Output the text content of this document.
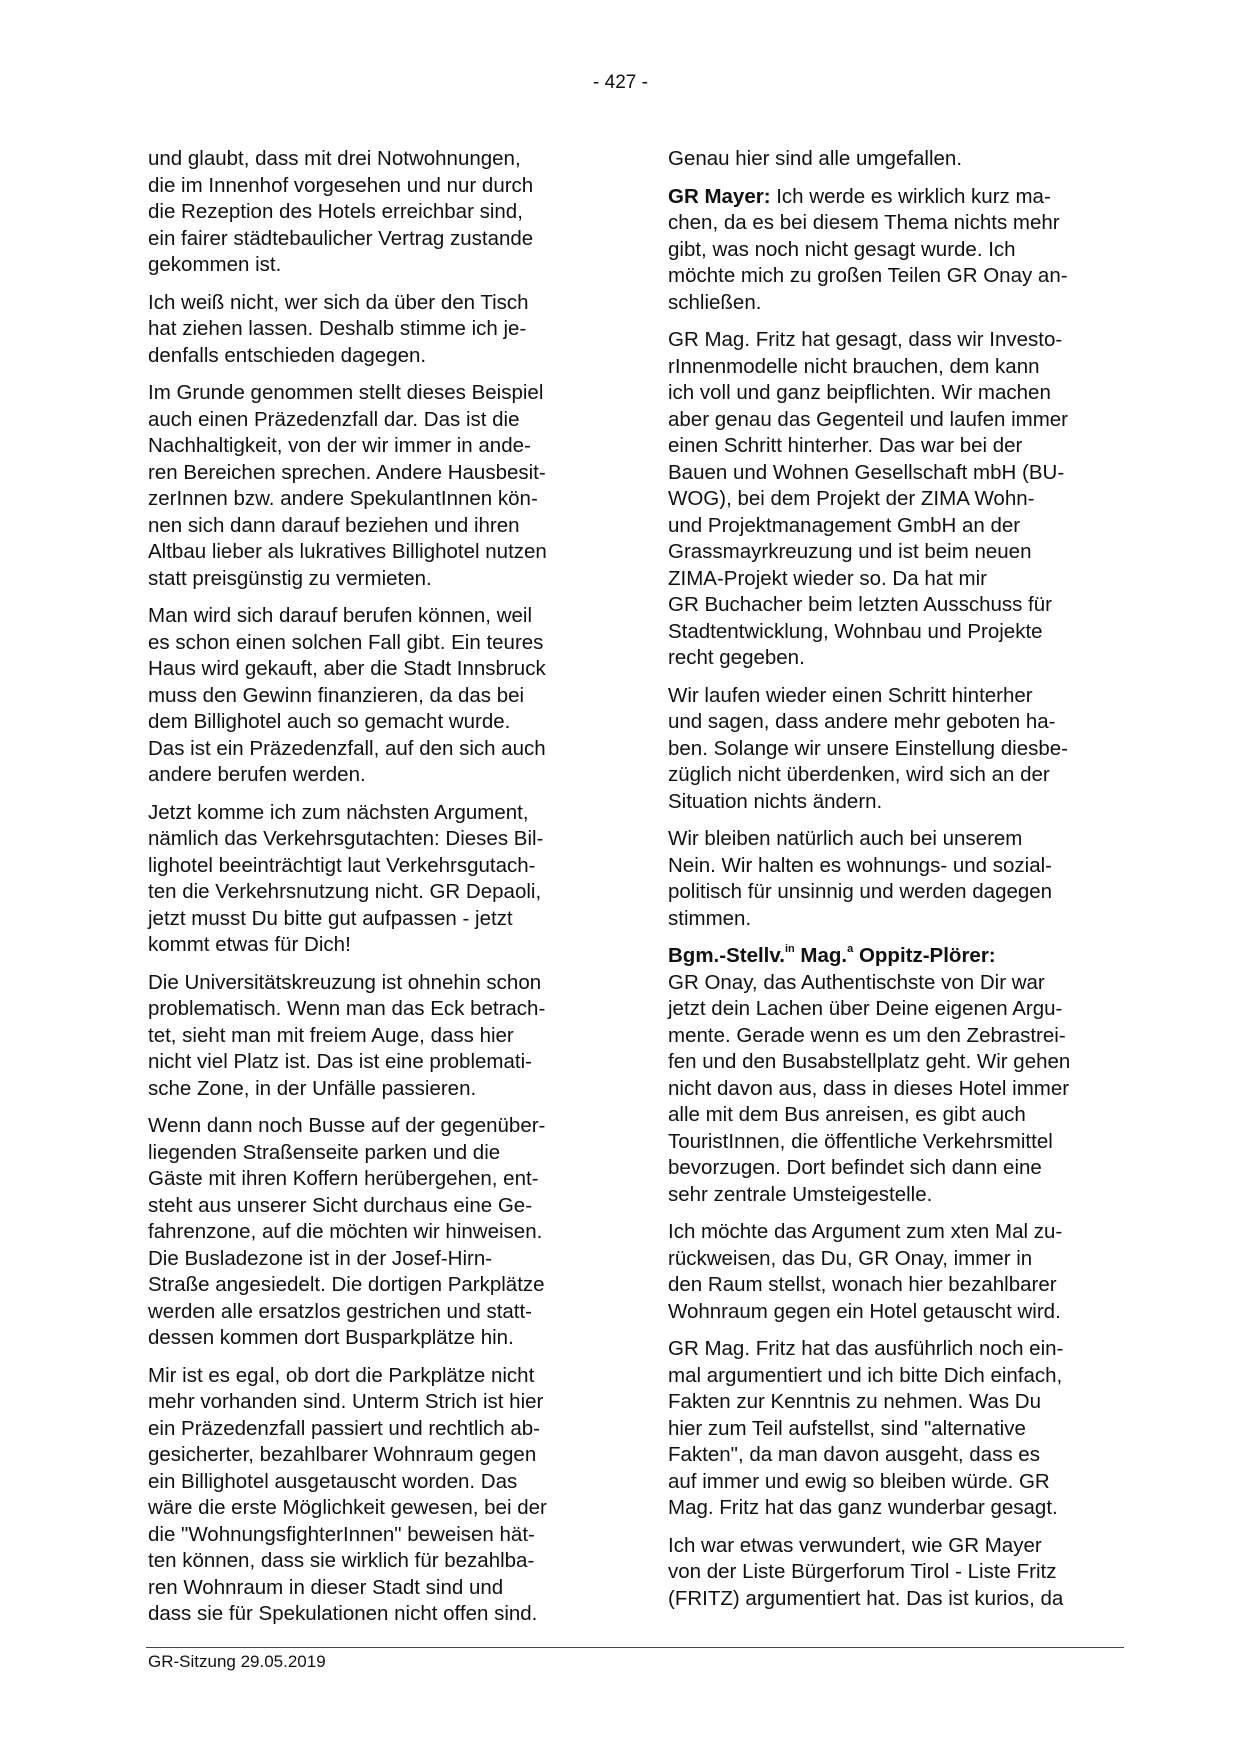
- 427 -

und glaubt, dass mit drei Notwohnungen,
die im Innenhof vorgesehen und nur durch
die Rezeption des Hotels erreichbar sind,
ein fairer städtebaulicher Vertrag zustande
gekommen ist.

Ich weiß nicht, wer sich da über den Tisch
hat ziehen lassen. Deshalb stimme ich je-
denfalls entschieden dagegen.

Im Grunde genommen stellt dieses Beispiel
auch einen Präzedenzfall dar. Das ist die
Nachhaltigkeit, von der wir immer in ande-
ren Bereichen sprechen. Andere Hausbesit-
zerInnen bzw. andere SpekulantInnen kön-
nen sich dann darauf beziehen und ihren
Altbau lieber als lukratives Billighotel nutzen
statt preisgünstig zu vermieten.

Man wird sich darauf berufen können, weil
es schon einen solchen Fall gibt. Ein teures
Haus wird gekauft, aber die Stadt Innsbruck
muss den Gewinn finanzieren, da das bei
dem Billighotel auch so gemacht wurde.
Das ist ein Präzedenzfall, auf den sich auch
andere berufen werden.

Jetzt komme ich zum nächsten Argument,
nämlich das Verkehrsgutachten: Dieses Bil-
lighotel beeinträchtigt laut Verkehrsgutach-
ten die Verkehrsnutzung nicht. GR Depaoli,
jetzt musst Du bitte gut aufpassen - jetzt
kommt etwas für Dich!

Die Universitätskreuzung ist ohnehin schon
problematisch. Wenn man das Eck betrach-
tet, sieht man mit freiem Auge, dass hier
nicht viel Platz ist. Das ist eine problemati-
sche Zone, in der Unfälle passieren.

Wenn dann noch Busse auf der gegenüber-
liegenden Straßenseite parken und die
Gäste mit ihren Koffern herübergehen, ent-
steht aus unserer Sicht durchaus eine Ge-
fahrenzone, auf die möchten wir hinweisen.
Die Busladezone ist in der Josef-Hirn-
Straße angesiedelt. Die dortigen Parkplätze
werden alle ersatzlos gestrichen und statt-
dessen kommen dort Busparkplätze hin.

Mir ist es egal, ob dort die Parkplätze nicht
mehr vorhanden sind. Unterm Strich ist hier
ein Präzedenzfall passiert und rechtlich ab-
gesicherter, bezahlbarer Wohnraum gegen
ein Billighotel ausgetauscht worden. Das
wäre die erste Möglichkeit gewesen, bei der
die "WohnungsfighterInnen" beweisen hät-
ten können, dass sie wirklich für bezahlba-
ren Wohnraum in dieser Stadt sind und
dass sie für Spekulationen nicht offen sind.

Genau hier sind alle umgefallen.

GR Mayer: Ich werde es wirklich kurz ma-
chen, da es bei diesem Thema nichts mehr
gibt, was noch nicht gesagt wurde. Ich
möchte mich zu großen Teilen GR Onay an-
schließen.

GR Mag. Fritz hat gesagt, dass wir Investo-
rInnenmodelle nicht brauchen, dem kann
ich voll und ganz beipflichten. Wir machen
aber genau das Gegenteil und laufen immer
einen Schritt hinterher. Das war bei der
Bauen und Wohnen Gesellschaft mbH (BU-
WOG), bei dem Projekt der ZIMA Wohn-
und Projektmanagement GmbH an der
Grassmayrkreuzung und ist beim neuen
ZIMA-Projekt wieder so. Da hat mir
GR Buchacher beim letzten Ausschuss für
Stadtentwicklung, Wohnbau und Projekte
recht gegeben.

Wir laufen wieder einen Schritt hinterher
und sagen, dass andere mehr geboten ha-
ben. Solange wir unsere Einstellung diesbe-
züglich nicht überdenken, wird sich an der
Situation nichts ändern.

Wir bleiben natürlich auch bei unserem
Nein. Wir halten es wohnungs- und sozial-
politisch für unsinnig und werden dagegen
stimmen.

Bgm.-Stellv.$^{in}$ Mag.$^a$ Oppitz-Plörer:
GR Onay, das Authentischste von Dir war
jetzt dein Lachen über Deine eigenen Argu-
mente. Gerade wenn es um den Zebrastrei-
fen und den Busabstellplatz geht. Wir gehen
nicht davon aus, dass in dieses Hotel immer
alle mit dem Bus anreisen, es gibt auch
TouristInnen, die öffentliche Verkehrsmittel
bevorzugen. Dort befindet sich dann eine
sehr zentrale Umsteigestelle.

Ich möchte das Argument zum xten Mal zu-
rückweisen, das Du, GR Onay, immer in
den Raum stellst, wonach hier bezahlbarer
Wohnraum gegen ein Hotel getauscht wird.

GR Mag. Fritz hat das ausführlich noch ein-
mal argumentiert und ich bitte Dich einfach,
Fakten zur Kenntnis zu nehmen. Was Du
hier zum Teil aufstellst, sind "alternative
Fakten", da man davon ausgeht, dass es
auf immer und ewig so bleiben würde. GR
Mag. Fritz hat das ganz wunderbar gesagt.

Ich war etwas verwundert, wie GR Mayer
von der Liste Bürgerforum Tirol - Liste Fritz
(FRITZ) argumentiert hat. Das ist kurios, da

GR-Sitzung 29.05.2019
